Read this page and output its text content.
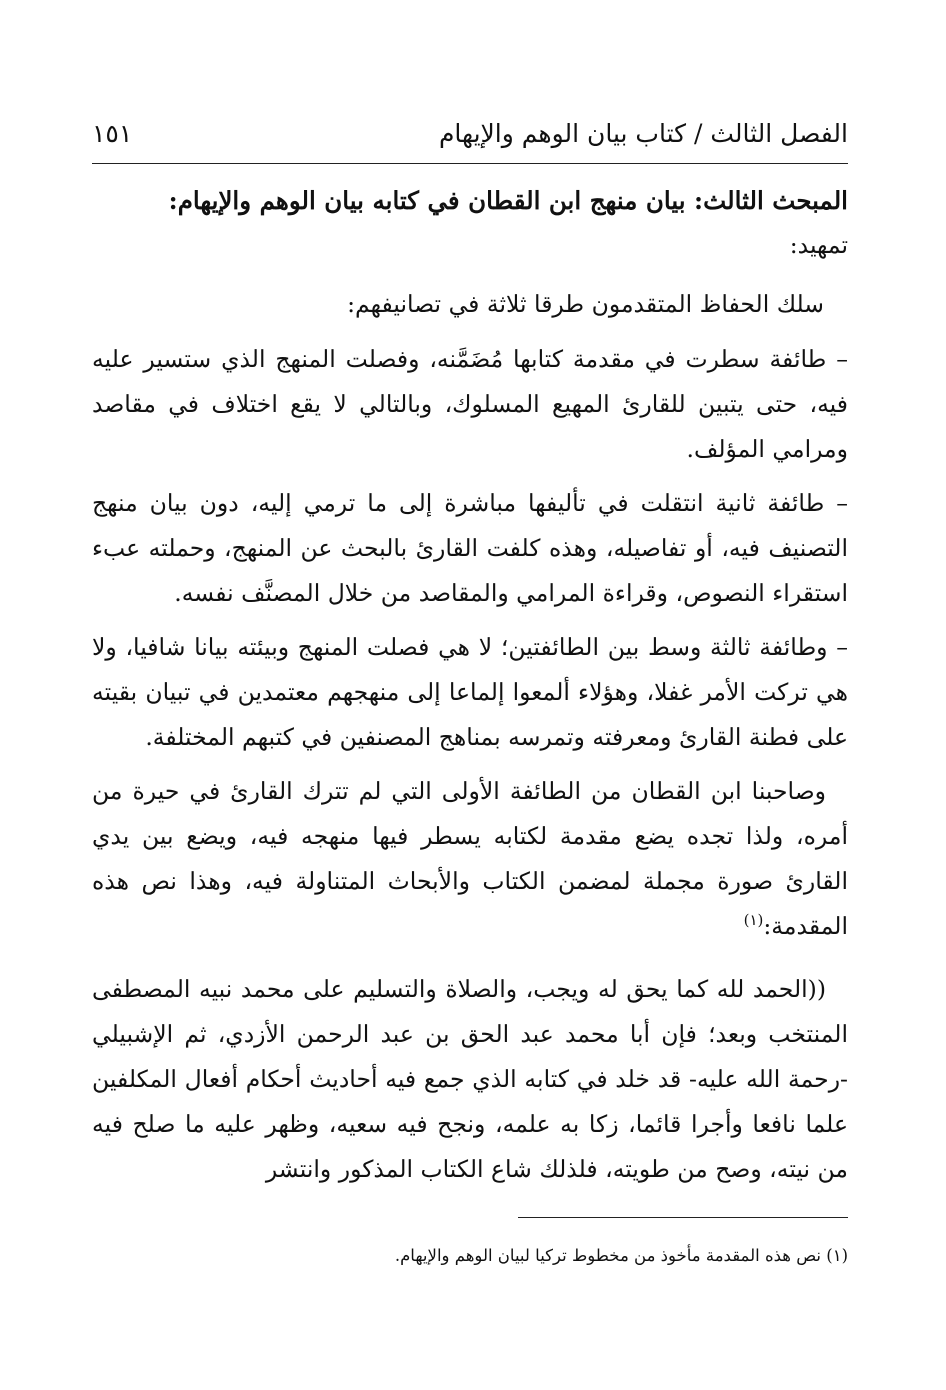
الفصل الثالث / كتاب بيان الوهم والإيهام
١٥١

المبحث الثالث: بيان منهج ابن القطان في كتابه بيان الوهم والإيهام:

تمهيد:

سلك الحفاظ المتقدمون طرقا ثلاثة في تصانيفهم:

– طائفة سطرت في مقدمة كتابها مُضَمَّنه، وفصلت المنهج الذي ستسير عليه فيه، حتى يتبين للقارئ المهيع المسلوك، وبالتالي لا يقع اختلاف في مقاصد ومرامي المؤلف.

– طائفة ثانية انتقلت في تأليفها مباشرة إلى ما ترمي إليه، دون بيان منهج التصنيف فيه، أو تفاصيله، وهذه كلفت القارئ بالبحث عن المنهج، وحملته عبء استقراء النصوص، وقراءة المرامي والمقاصد من خلال المصنَّف نفسه.

– وطائفة ثالثة وسط بين الطائفتين؛ لا هي فصلت المنهج وبيئته بيانا شافيا، ولا هي تركت الأمر غفلا، وهؤلاء ألمعوا إلماعا إلى منهجهم معتمدين في تبيان بقيته على فطنة القارئ ومعرفته وتمرسه بمناهج المصنفين في كتبهم المختلفة.

وصاحبنا ابن القطان من الطائفة الأولى التي لم تترك القارئ في حيرة من أمره، ولذا تجده يضع مقدمة لكتابه يسطر فيها منهجه فيه، ويضع بين يدي القارئ صورة مجملة لمضمن الكتاب والأبحاث المتناولة فيه، وهذا نص هذه المقدمة:$^{(١)}$

((الحمد لله كما يحق له ويجب، والصلاة والتسليم على محمد نبيه المصطفى المنتخب وبعد؛ فإن أبا محمد عبد الحق بن عبد الرحمن الأزدي، ثم الإشبيلي -رحمة الله عليه- قد خلد في كتابه الذي جمع فيه أحاديث أحكام أفعال المكلفين علما نافعا وأجرا قائما، زكا به علمه، ونجح فيه سعيه، وظهر عليه ما صلح فيه من نيته، وصح من طويته، فلذلك شاع الكتاب المذكور وانتشر

(١) نص هذه المقدمة مأخوذ من مخطوط تركيا لبيان الوهم والإيهام.
